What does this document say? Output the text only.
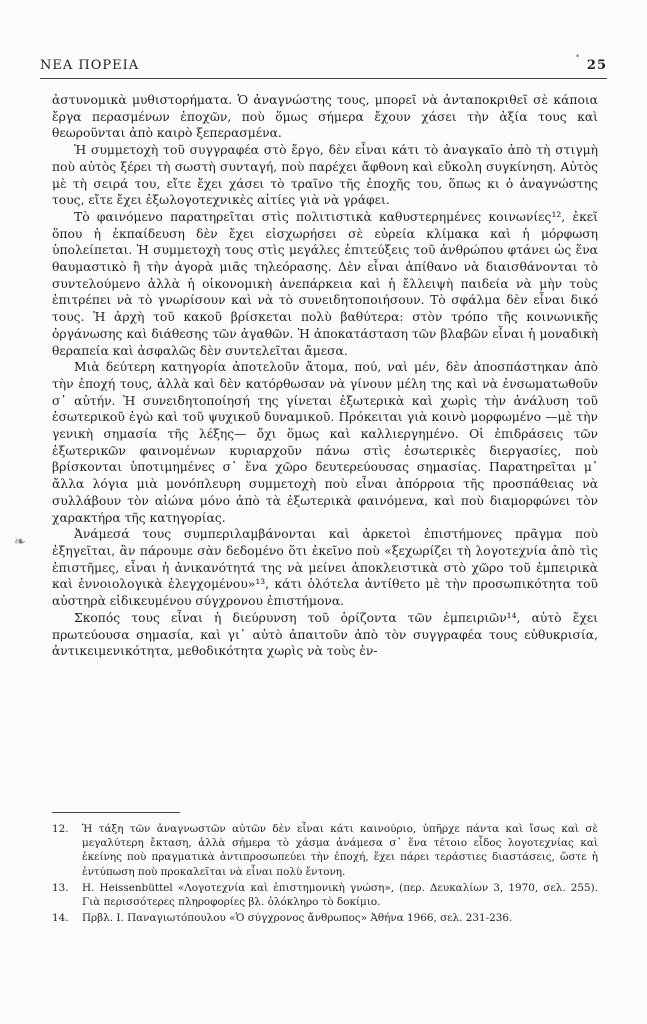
ΝΕΑ ΠΟΡΕΙΑ
•
25

ἀστυνομικὰ μυθιστορήματα. Ὁ ἀναγνώστης τους, μπορεῖ νὰ ἀνταποκριθεῖ σὲ κάποια ἔργα περασμένων ἐποχῶν, ποὺ ὅμως σήμερα ἔχουν χάσει τὴν ἀξία τους καὶ θεωροῦνται ἀπὸ καιρὸ ξεπερασμένα.

Ἡ συμμετοχὴ τοῦ συγγραφέα στὸ ἔργο, δὲν εἶναι κάτι τὸ ἀναγκαῖο ἀπὸ τὴ στιγμὴ ποὺ αὐτὸς ξέρει τὴ σωστὴ συνταγή, ποὺ παρέχει ἄφθονη καὶ εὔκολη συγκίνηση. Αὐτὸς μὲ τὴ σειρά του, εἴτε ἔχει χάσει τὸ τραῖνο τῆς ἐποχῆς του, ὅπως κι ὁ ἀναγνώστης τους, εἴτε ἔχει ἐξωλογοτεχνικὲς αἰτίες γιὰ νὰ γράφει.

Τὸ φαινόμενο παρατηρεῖται στὶς πολιτιστικὰ καθυστερημένες κοινωνίες¹², ἐκεῖ ὅπου ἡ ἐκπαίδευση δὲν ἔχει εἰσχωρήσει σὲ εὐρεία κλίμακα καὶ ἡ μόρφωση ὑπολείπεται. Ἡ συμμετοχὴ τους στὶς μεγάλες ἐπιτεύξεις τοῦ ἀνθρώπου φτάνει ὡς ἕνα θαυμαστικὸ ἢ τὴν ἀγορὰ μιᾶς τηλεόρασης. Δὲν εἶναι ἀπίθανο νὰ διαισθάνονται τὸ συντελούμενο ἀλλὰ ἡ οἰκονομικὴ ἀνεπάρκεια καὶ ἡ ἔλλειψὴ παιδεία νὰ μὴν τοὺς ἐπιτρέπει νὰ τὸ γνωρίσουν καὶ νὰ τὸ συνειδητοποιήσουν. Τὸ σφάλμα δὲν εἶναι δικό τους. Ἡ ἀρχὴ τοῦ κακοῦ βρίσκεται πολὺ βαθύτερα: στὸν τρόπο τῆς κοινωνικῆς ὀργάνωσης καὶ διάθεσης τῶν ἀγαθῶν. Ἡ ἀποκατάσταση τῶν βλαβῶν εἶναι ἡ μοναδικὴ θεραπεία καὶ ἀσφαλῶς δὲν συντελεῖται ἄμεσα.

Μιὰ δεύτερη κατηγορία ἀποτελοῦν ἄτομα, πού, ναὶ μέν, δὲν ἀποσπάστηκαν ἀπὸ τὴν ἐποχή τους, ἀλλὰ καὶ δὲν κατόρθωσαν νὰ γίνουν μέλη της καὶ νὰ ἐνσωματωθοῦν σ᾿ αὐτήν. Ἡ συνειδητοποίησή της γίνεται ἐξωτερικὰ καὶ χωρὶς τὴν ἀνάλυση τοῦ ἐσωτερικοῦ ἐγὼ καὶ τοῦ ψυχικοῦ δυναμικοῦ. Πρόκειται γιὰ κοινὸ μορφωμένο —μὲ τὴν γενικὴ σημασία τῆς λέξης— ὄχι ὅμως καὶ καλλιεργημένο. Οἱ ἐπιδράσεις τῶν ἐξωτερικῶν φαινομένων κυριαρχοῦν πάνω στὶς ἐσωτερικὲς διεργασίες, ποὺ βρίσκονται ὑποτιμημένες σ᾿ ἕνα χῶρο δευτερεύουσας σημασίας. Παρατηρεῖται μ᾿ ἄλλα λόγια μιὰ μονόπλευρη συμμετοχὴ ποὺ εἶναι ἀπόρροια τῆς προσπάθειας νὰ συλλάβουν τὸν αἰώνα μόνο ἀπὸ τὰ ἐξωτερικὰ φαινόμενα, καὶ ποὺ διαμορφώνει τὸν χαρακτήρα τῆς κατηγορίας.

Ἀνάμεσά τους συμπεριλαμβάνονται καὶ ἀρκετοὶ ἐπιστήμονες πρᾶγμα ποὺ ἐξηγεῖται, ἂν πάρουμε σὰν δεδομένο ὅτι ἐκεῖνο ποὺ «ξεχωρίζει τὴ λογοτεχνία ἀπὸ τὶς ἐπιστῆμες, εἶναι ἡ ἀνικανότητά της νὰ μείνει ἀποκλειστικὰ στὸ χῶρο τοῦ ἐμπειρικὰ καὶ ἐννοιολογικὰ ἐλεγχομένου»¹³, κάτι ὁλότελα ἀντίθετο μὲ τὴν προσωπικότητα τοῦ αὐστηρὰ εἰδικευμένου σύγχρονου ἐπιστήμονα.

Σκοπός τους εἶναι ἡ διεύρυνση τοῦ ὁρίζοντα τῶν ἐμπειριῶν¹⁴, αὐτὸ ἔχει πρωτεύουσα σημασία, καὶ γι᾿ αὐτὸ ἀπαιτοῦν ἀπὸ τὸν συγγραφέα τους εὐθυκρισία, ἀντικειμενικότητα, μεθοδικότητα χωρὶς νὰ τοὺς ἐν-

❧
12. Ἡ τάξη τῶν ἀναγνωστῶν αὐτῶν δὲν εἶναι κάτι καινούριο, ὑπῆρχε πάντα καὶ ἴσως καὶ σὲ μεγαλύτερη ἔκταση, ἀλλὰ σήμερα τὸ χάσμα ἀνάμεσα σ᾿ ἕνα τέτοιο εἶδος λογοτεχνίας καὶ ἐκείνης ποὺ πραγματικὰ ἀντιπροσωπεύει τὴν ἐποχή, ἔχει πάρει τεράστιες διαστάσεις, ὥστε ἡ ἐντύπωση ποὺ προκαλεῖται νὰ εἶναι πολὺ ἔντονη.
13. H. Heissenbüttel «Λογοτεχνία καὶ ἐπιστημονικὴ γνώση», (περ. Δευκαλίων 3, 1970, σελ. 255). Γιὰ περισσότερες πληροφορίες βλ. ὁλόκληρο τὸ δοκίμιο.
14. Πρβλ. Ι. Παναγιωτόπουλου «Ὁ σύγχρονος ἄνθρωπος» Ἀθήνα 1966, σελ. 231-236.
